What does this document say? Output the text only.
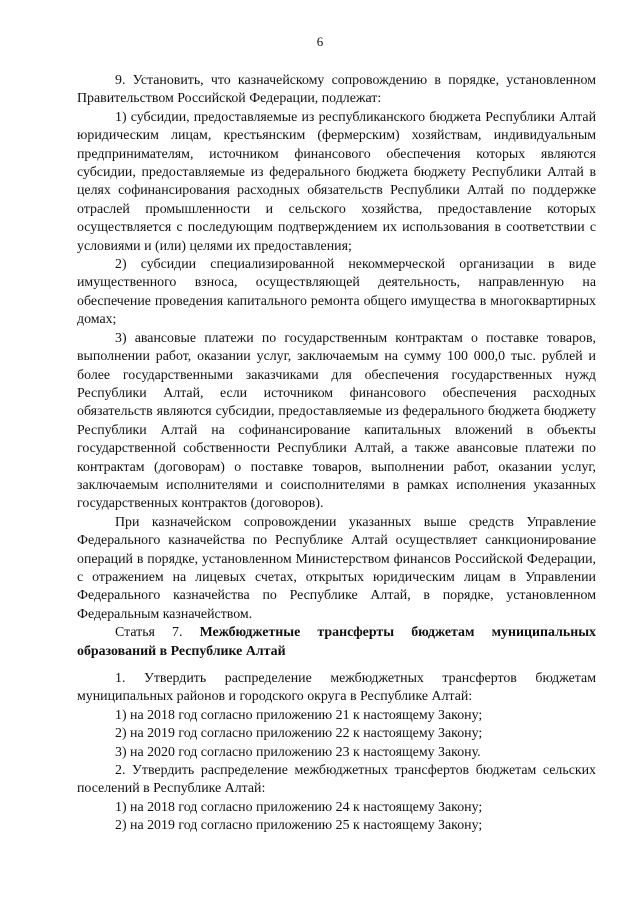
6

9. Установить, что казначейскому сопровождению в порядке, установленном Правительством Российской Федерации, подлежат:

1) субсидии, предоставляемые из республиканского бюджета Республики Алтай юридическим лицам, крестьянским (фермерским) хозяйствам, индивидуальным предпринимателям, источником финансового обеспечения которых являются субсидии, предоставляемые из федерального бюджета бюджету Республики Алтай в целях софинансирования расходных обязательств Республики Алтай по поддержке отраслей промышленности и сельского хозяйства, предоставление которых осуществляется с последующим подтверждением их использования в соответствии с условиями и (или) целями их предоставления;

2) субсидии специализированной некоммерческой организации в виде имущественного взноса, осуществляющей деятельность, направленную на обеспечение проведения капитального ремонта общего имущества в многоквартирных домах;

3) авансовые платежи по государственным контрактам о поставке товаров, выполнении работ, оказании услуг, заключаемым на сумму 100 000,0 тыс. рублей и более государственными заказчиками для обеспечения государственных нужд Республики Алтай, если источником финансового обеспечения расходных обязательств являются субсидии, предоставляемые из федерального бюджета бюджету Республики Алтай на софинансирование капитальных вложений в объекты государственной собственности Республики Алтай, а также авансовые платежи по контрактам (договорам) о поставке товаров, выполнении работ, оказании услуг, заключаемым исполнителями и соисполнителями в рамках исполнения указанных государственных контрактов (договоров).

При казначейском сопровождении указанных выше средств Управление Федерального казначейства по Республике Алтай осуществляет санкционирование операций в порядке, установленном Министерством финансов Российской Федерации, с отражением на лицевых счетах, открытых юридическим лицам в Управлении Федерального казначейства по Республике Алтай, в порядке, установленном Федеральным казначейством.

Статья 7. Межбюджетные трансферты бюджетам муниципальных образований в Республике Алтай

1. Утвердить распределение межбюджетных трансфертов бюджетам муниципальных районов и городского округа в Республике Алтай:

1) на 2018 год согласно приложению 21 к настоящему Закону;

2) на 2019 год согласно приложению 22 к настоящему Закону;

3) на 2020 год согласно приложению 23 к настоящему Закону.

2. Утвердить распределение межбюджетных трансфертов бюджетам сельских поселений в Республике Алтай:

1) на 2018 год согласно приложению 24 к настоящему Закону;

2) на 2019 год согласно приложению 25 к настоящему Закону;
